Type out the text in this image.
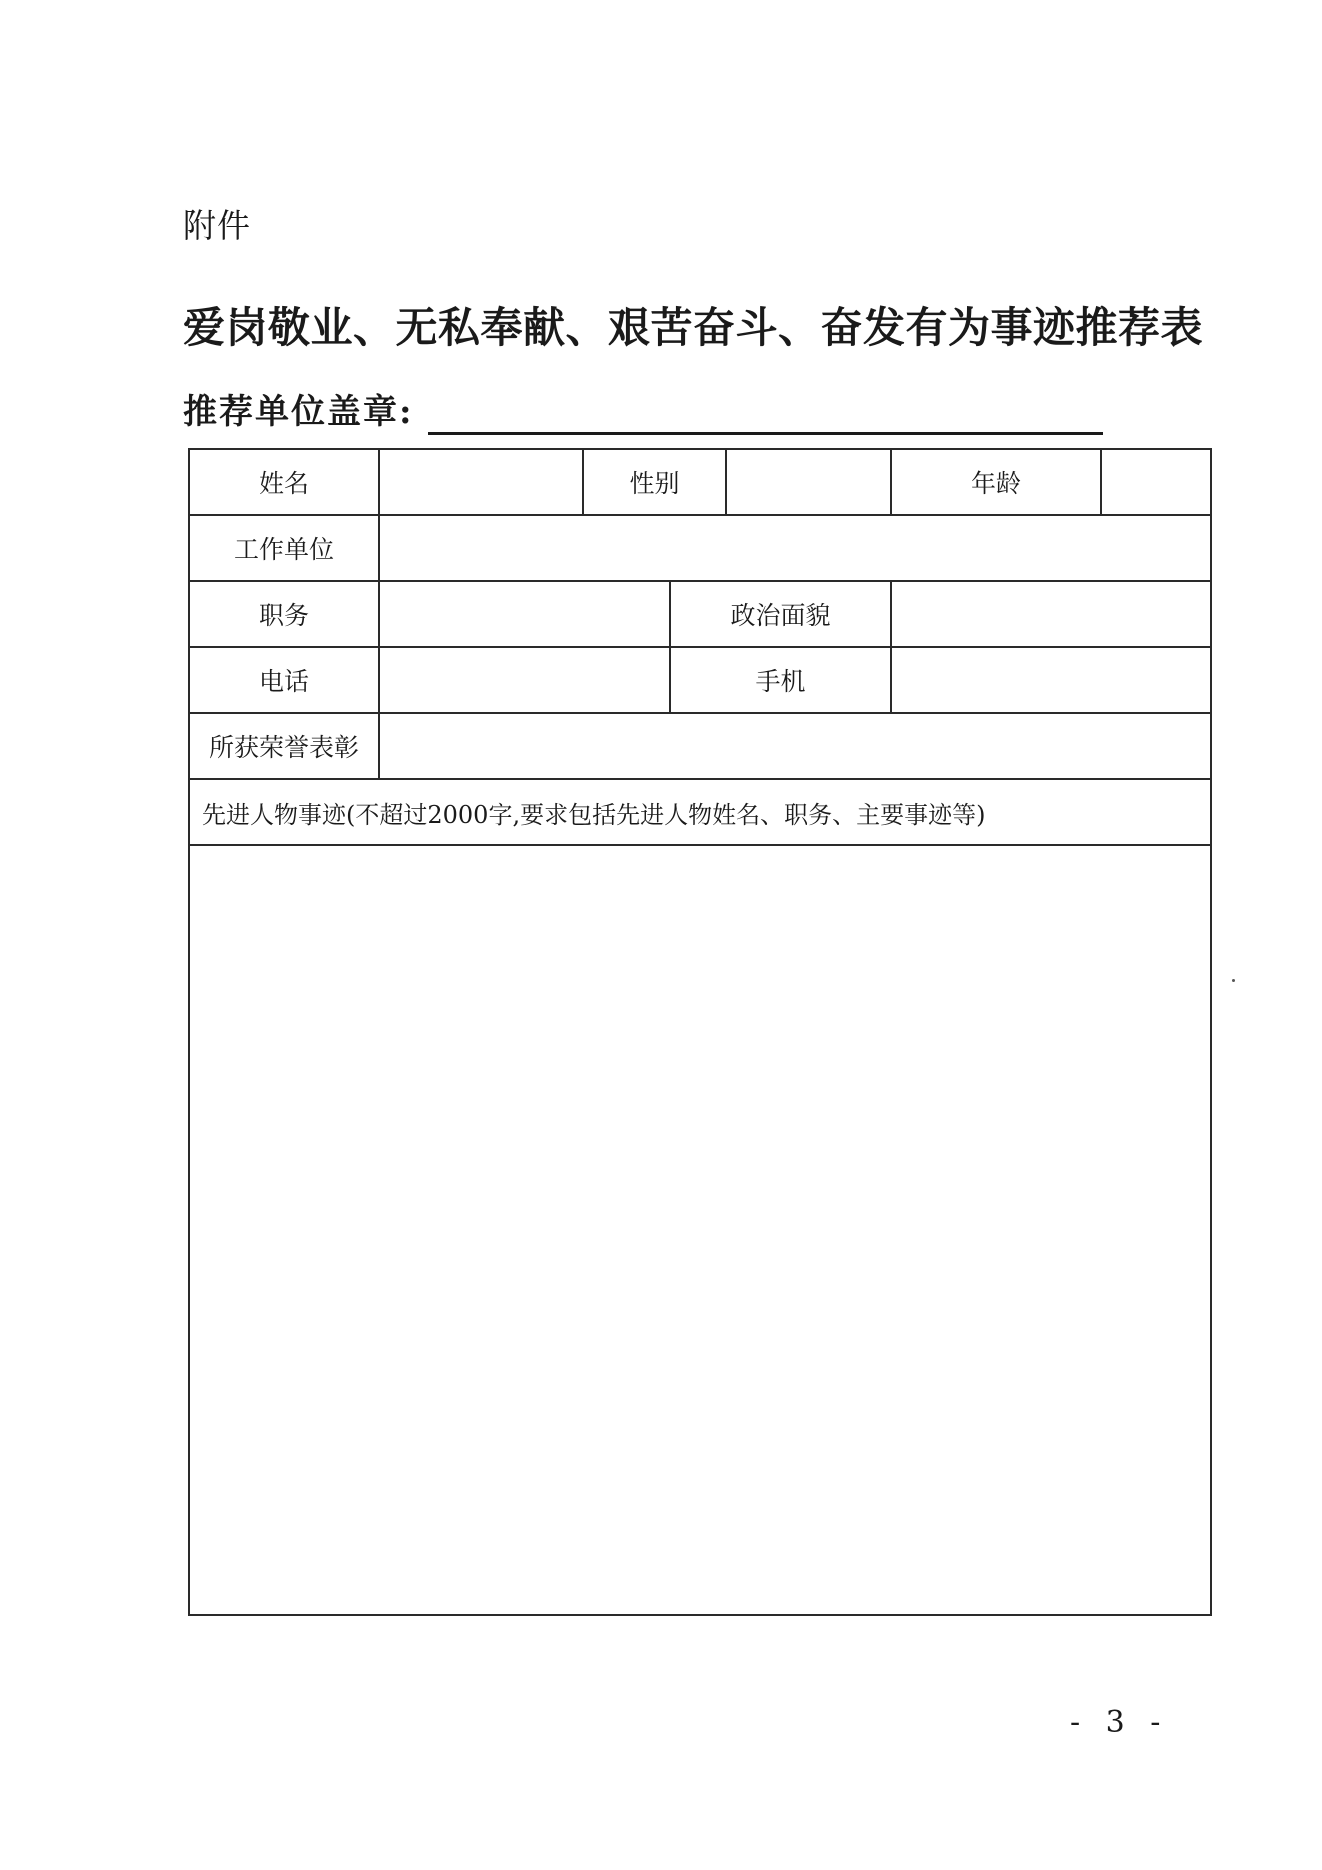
附件
爱岗敬业、无私奉献、艰苦奋斗、奋发有为事迹推荐表
推荐单位盖章:
姓名		性别			年龄	
工作单位						
职务			政治面貌			
电话			手机			
所获荣誉表彰						
先进人物事迹(不超过2000字,要求包括先进人物姓名、职务、主要事迹等)						

- 3 -
